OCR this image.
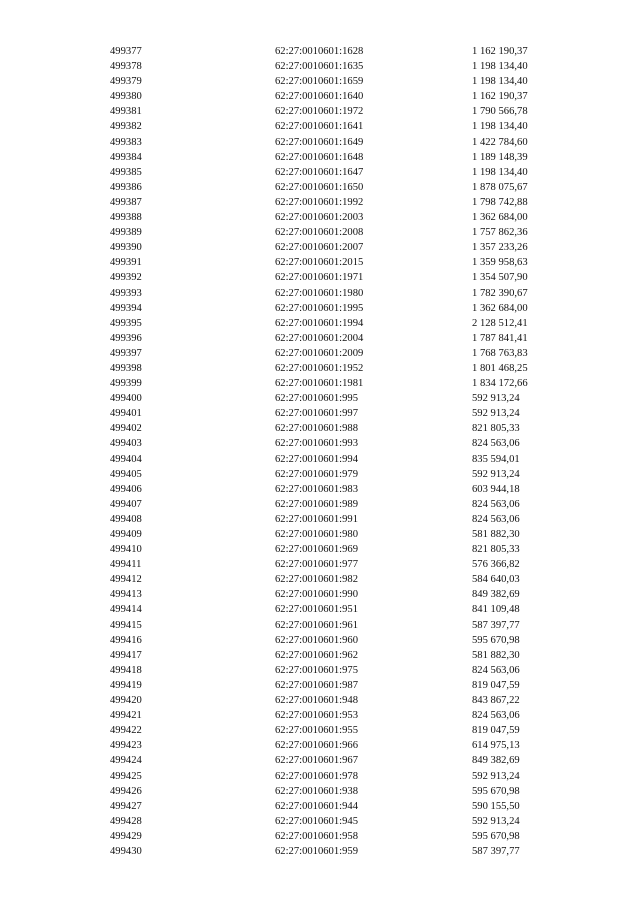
499377	62:27:0010601:1628	1 162 190,37
499378	62:27:0010601:1635	1 198 134,40
499379	62:27:0010601:1659	1 198 134,40
499380	62:27:0010601:1640	1 162 190,37
499381	62:27:0010601:1972	1 790 566,78
499382	62:27:0010601:1641	1 198 134,40
499383	62:27:0010601:1649	1 422 784,60
499384	62:27:0010601:1648	1 189 148,39
499385	62:27:0010601:1647	1 198 134,40
499386	62:27:0010601:1650	1 878 075,67
499387	62:27:0010601:1992	1 798 742,88
499388	62:27:0010601:2003	1 362 684,00
499389	62:27:0010601:2008	1 757 862,36
499390	62:27:0010601:2007	1 357 233,26
499391	62:27:0010601:2015	1 359 958,63
499392	62:27:0010601:1971	1 354 507,90
499393	62:27:0010601:1980	1 782 390,67
499394	62:27:0010601:1995	1 362 684,00
499395	62:27:0010601:1994	2 128 512,41
499396	62:27:0010601:2004	1 787 841,41
499397	62:27:0010601:2009	1 768 763,83
499398	62:27:0010601:1952	1 801 468,25
499399	62:27:0010601:1981	1 834 172,66
499400	62:27:0010601:995	592 913,24
499401	62:27:0010601:997	592 913,24
499402	62:27:0010601:988	821 805,33
499403	62:27:0010601:993	824 563,06
499404	62:27:0010601:994	835 594,01
499405	62:27:0010601:979	592 913,24
499406	62:27:0010601:983	603 944,18
499407	62:27:0010601:989	824 563,06
499408	62:27:0010601:991	824 563,06
499409	62:27:0010601:980	581 882,30
499410	62:27:0010601:969	821 805,33
499411	62:27:0010601:977	576 366,82
499412	62:27:0010601:982	584 640,03
499413	62:27:0010601:990	849 382,69
499414	62:27:0010601:951	841 109,48
499415	62:27:0010601:961	587 397,77
499416	62:27:0010601:960	595 670,98
499417	62:27:0010601:962	581 882,30
499418	62:27:0010601:975	824 563,06
499419	62:27:0010601:987	819 047,59
499420	62:27:0010601:948	843 867,22
499421	62:27:0010601:953	824 563,06
499422	62:27:0010601:955	819 047,59
499423	62:27:0010601:966	614 975,13
499424	62:27:0010601:967	849 382,69
499425	62:27:0010601:978	592 913,24
499426	62:27:0010601:938	595 670,98
499427	62:27:0010601:944	590 155,50
499428	62:27:0010601:945	592 913,24
499429	62:27:0010601:958	595 670,98
499430	62:27:0010601:959	587 397,77
